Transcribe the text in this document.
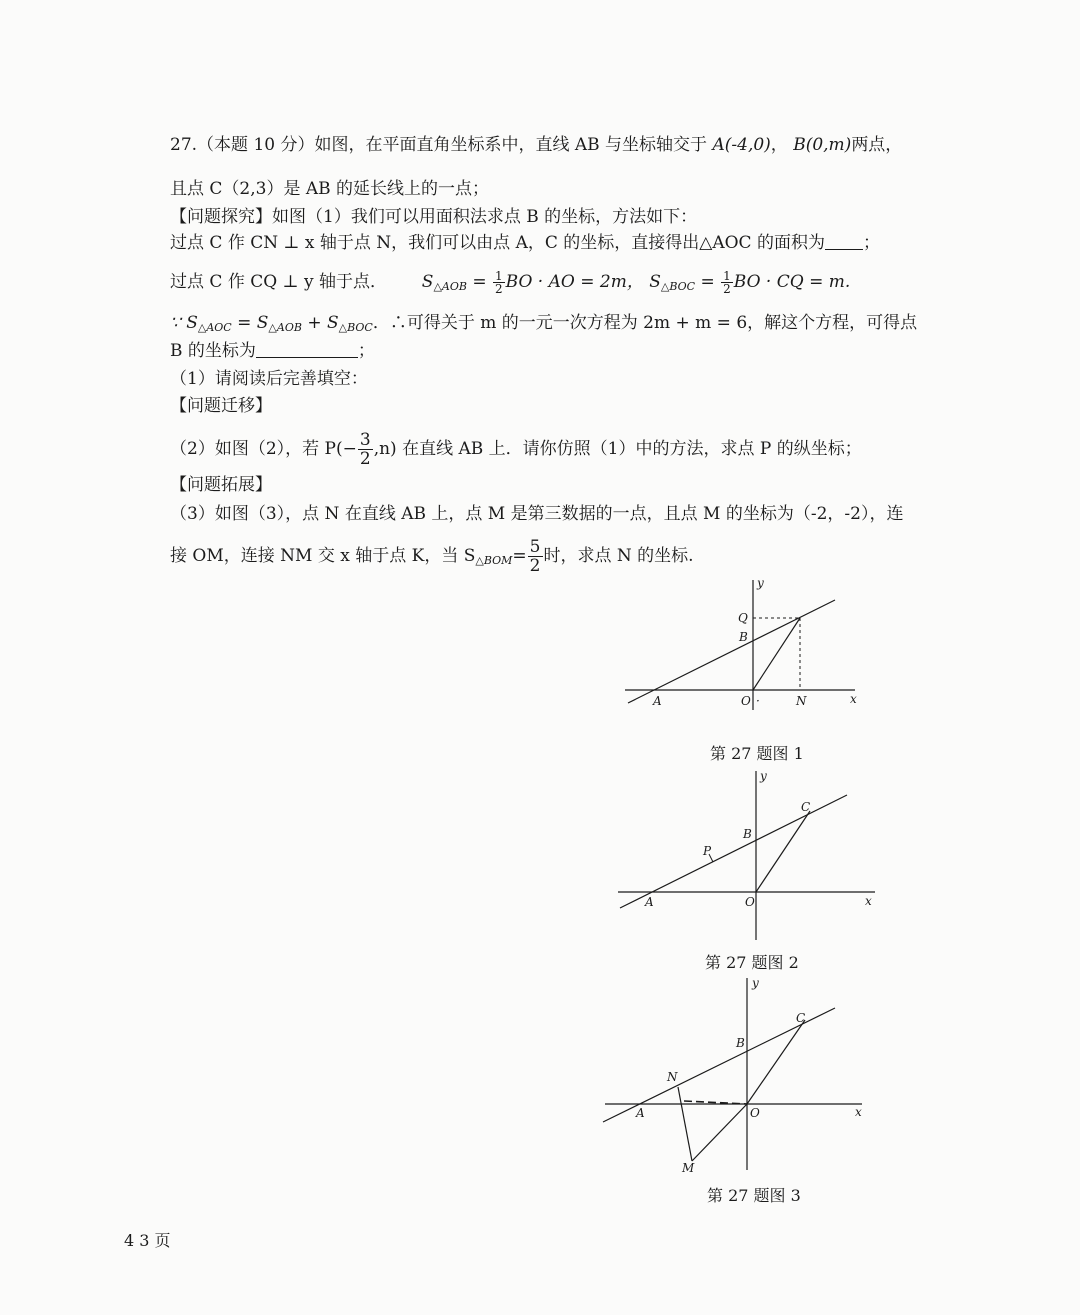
27.（本题 10 分）如图，在平面直角坐标系中，直线 AB 与坐标轴交于 A(-4,0)， B(0,m)两点，
且点 C（2,3）是 AB 的延长线上的一点；
【问题探究】如图（1）我们可以用面积法求点 B 的坐标，方法如下：
过点 C 作 CN ⊥ x 轴于点 N，我们可以由点 A，C 的坐标，直接得出△AOC 的面积为 ；
过点 C 作 CQ ⊥ y 轴于点． $S_{\triangle AOB} = \frac{1}{2}$ BO · AO = 2m， $S_{\triangle BOC} = \frac{1}{2}$ BO · CQ = m.
∵ $S_{\triangle AOC} = S_{\triangle AOB} + S_{\triangle BOC}$．∴可得关于 m 的一元一次方程为 2m + m = 6，解这个方程，可得点
B 的坐标为	；
（1）请阅读后完善填空：
【问题迁移】
（2）如图（2），若 $P(- \frac{3}{2} ,n)$ 在直线 AB 上．请你仿照（1）中的方法，求点 P 的纵坐标；
【问题拓展】
（3）如图（3），点 N 在直线 AB 上，点 M 是第三数据的一点，且点 M 的坐标为（-2，-2），连
接 OM，连接 NM 交 x 轴于点 K，当 $S_{\triangle BOM}= \frac{5}{2}$ 时，求点 N 的坐标.
y
x
Q
B
A	O ·	N
第 27 题图 1
y
x
C
B
P
A	O
第 27 题图 2
y
x
C
B
N
A	O
M
第 27 题图 3
4 3 页
